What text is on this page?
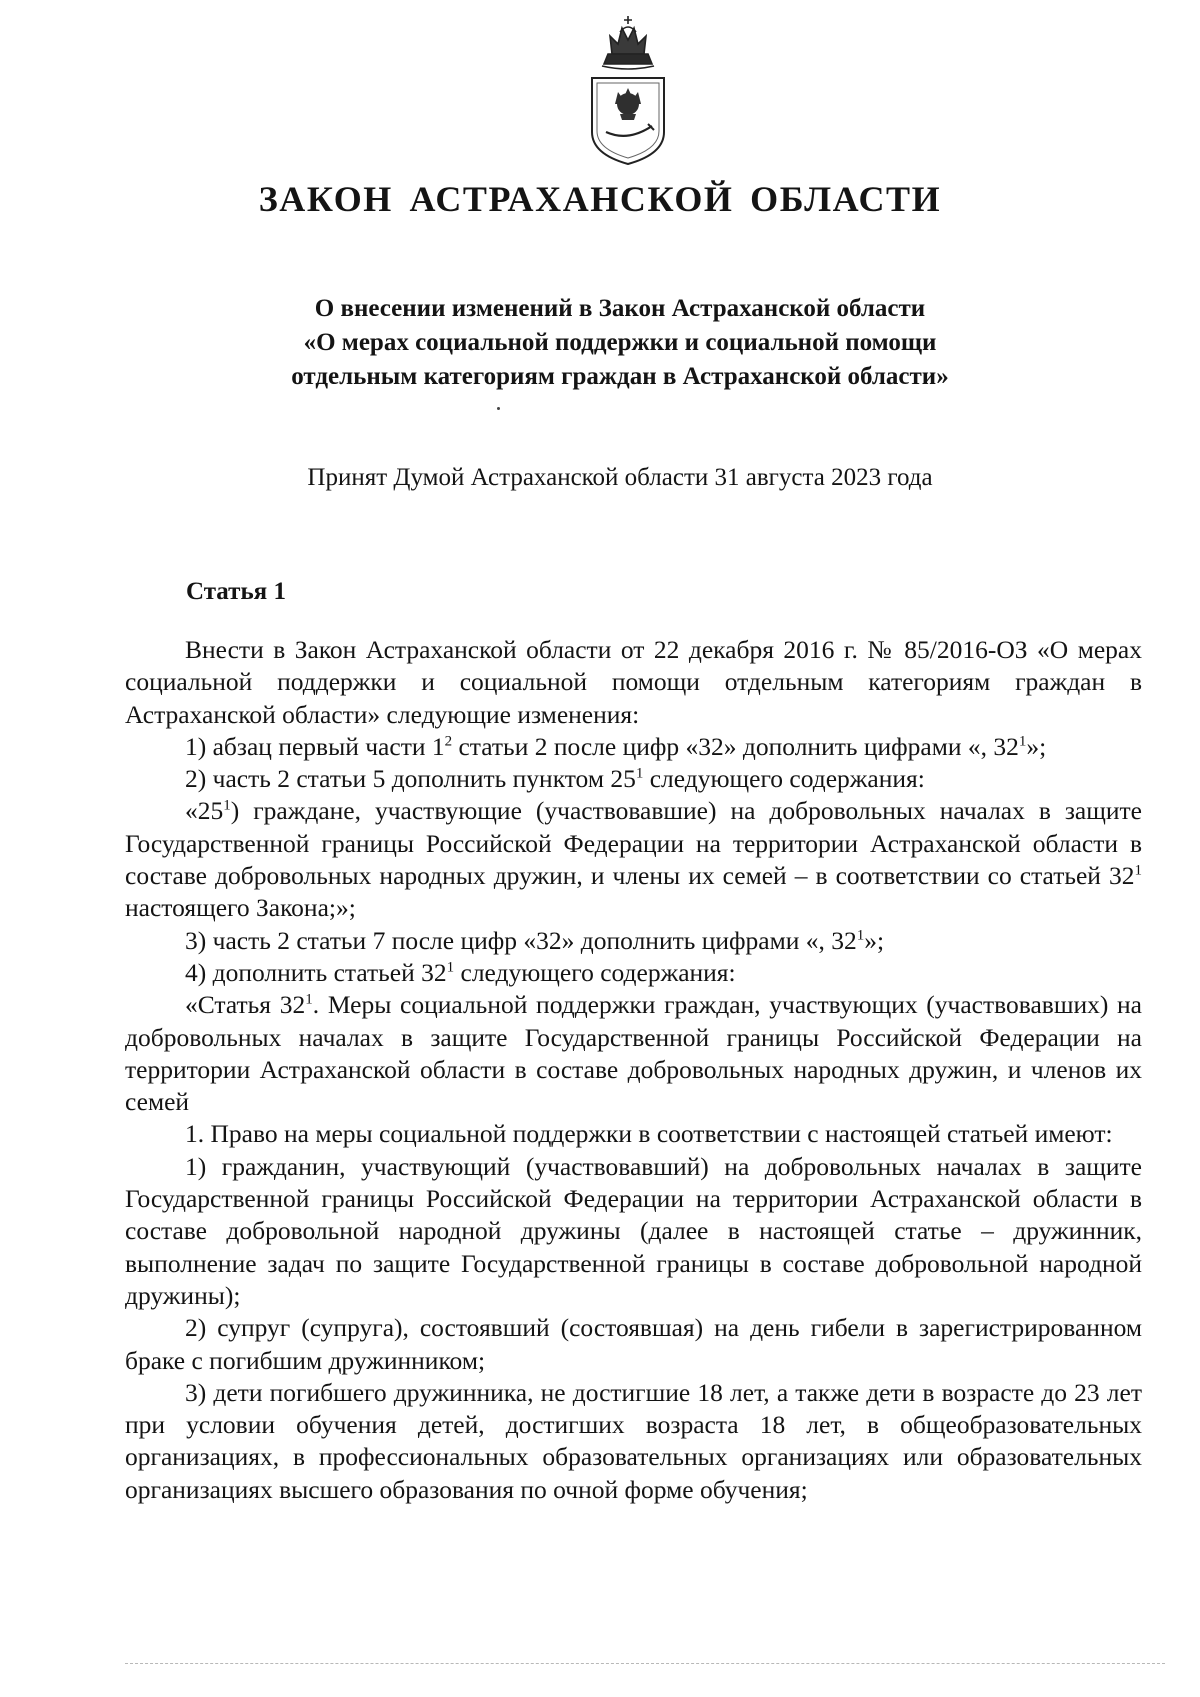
ЗАКОН АСТРАХАНСКОЙ ОБЛАСТИ
О внесении изменений в Закон Астраханской области
«О мерах социальной поддержки и социальной помощи
отдельным категориям граждан в Астраханской области»
Принят Думой Астраханской области 31 августа 2023 года
Статья 1

Внести в Закон Астраханской области от 22 декабря 2016 г. № 85/2016-ОЗ «О мерах социальной поддержки и социальной помощи отдельным категориям граждан в Астраханской области» следующие изменения:

1) абзац первый части $1^2$ статьи 2 после цифр «32» дополнить цифрами «, $32^1$»;

2) часть 2 статьи 5 дополнить пунктом $25^1$ следующего содержания:

«$25^1$) граждане, участвующие (участвовавшие) на добровольных началах в защите Государственной границы Российской Федерации на территории Астраханской области в составе добровольных народных дружин, и члены их семей – в соответствии со статьей $32^1$ настоящего Закона;»;

3) часть 2 статьи 7 после цифр «32» дополнить цифрами «, $32^1$»;

4) дополнить статьей $32^1$ следующего содержания:

«Статья $32^1$. Меры социальной поддержки граждан, участвующих (участвовавших) на добровольных началах в защите Государственной границы Российской Федерации на территории Астраханской области в составе добровольных народных дружин, и членов их семей

1. Право на меры социальной поддержки в соответствии с настоящей статьей имеют:

1) гражданин, участвующий (участвовавший) на добровольных началах в защите Государственной границы Российской Федерации на территории Астраханской области в составе добровольной народной дружины (далее в настоящей статье – дружинник, выполнение задач по защите Государственной границы в составе добровольной народной дружины);

2) супруг (супруга), состоявший (состоявшая) на день гибели в зарегистрированном браке с погибшим дружинником;

3) дети погибшего дружинника, не достигшие 18 лет, а также дети в возрасте до 23 лет при условии обучения детей, достигших возраста 18 лет, в общеобразовательных организациях, в профессиональных образовательных организациях или образовательных организациях высшего образования по очной форме обучения;
